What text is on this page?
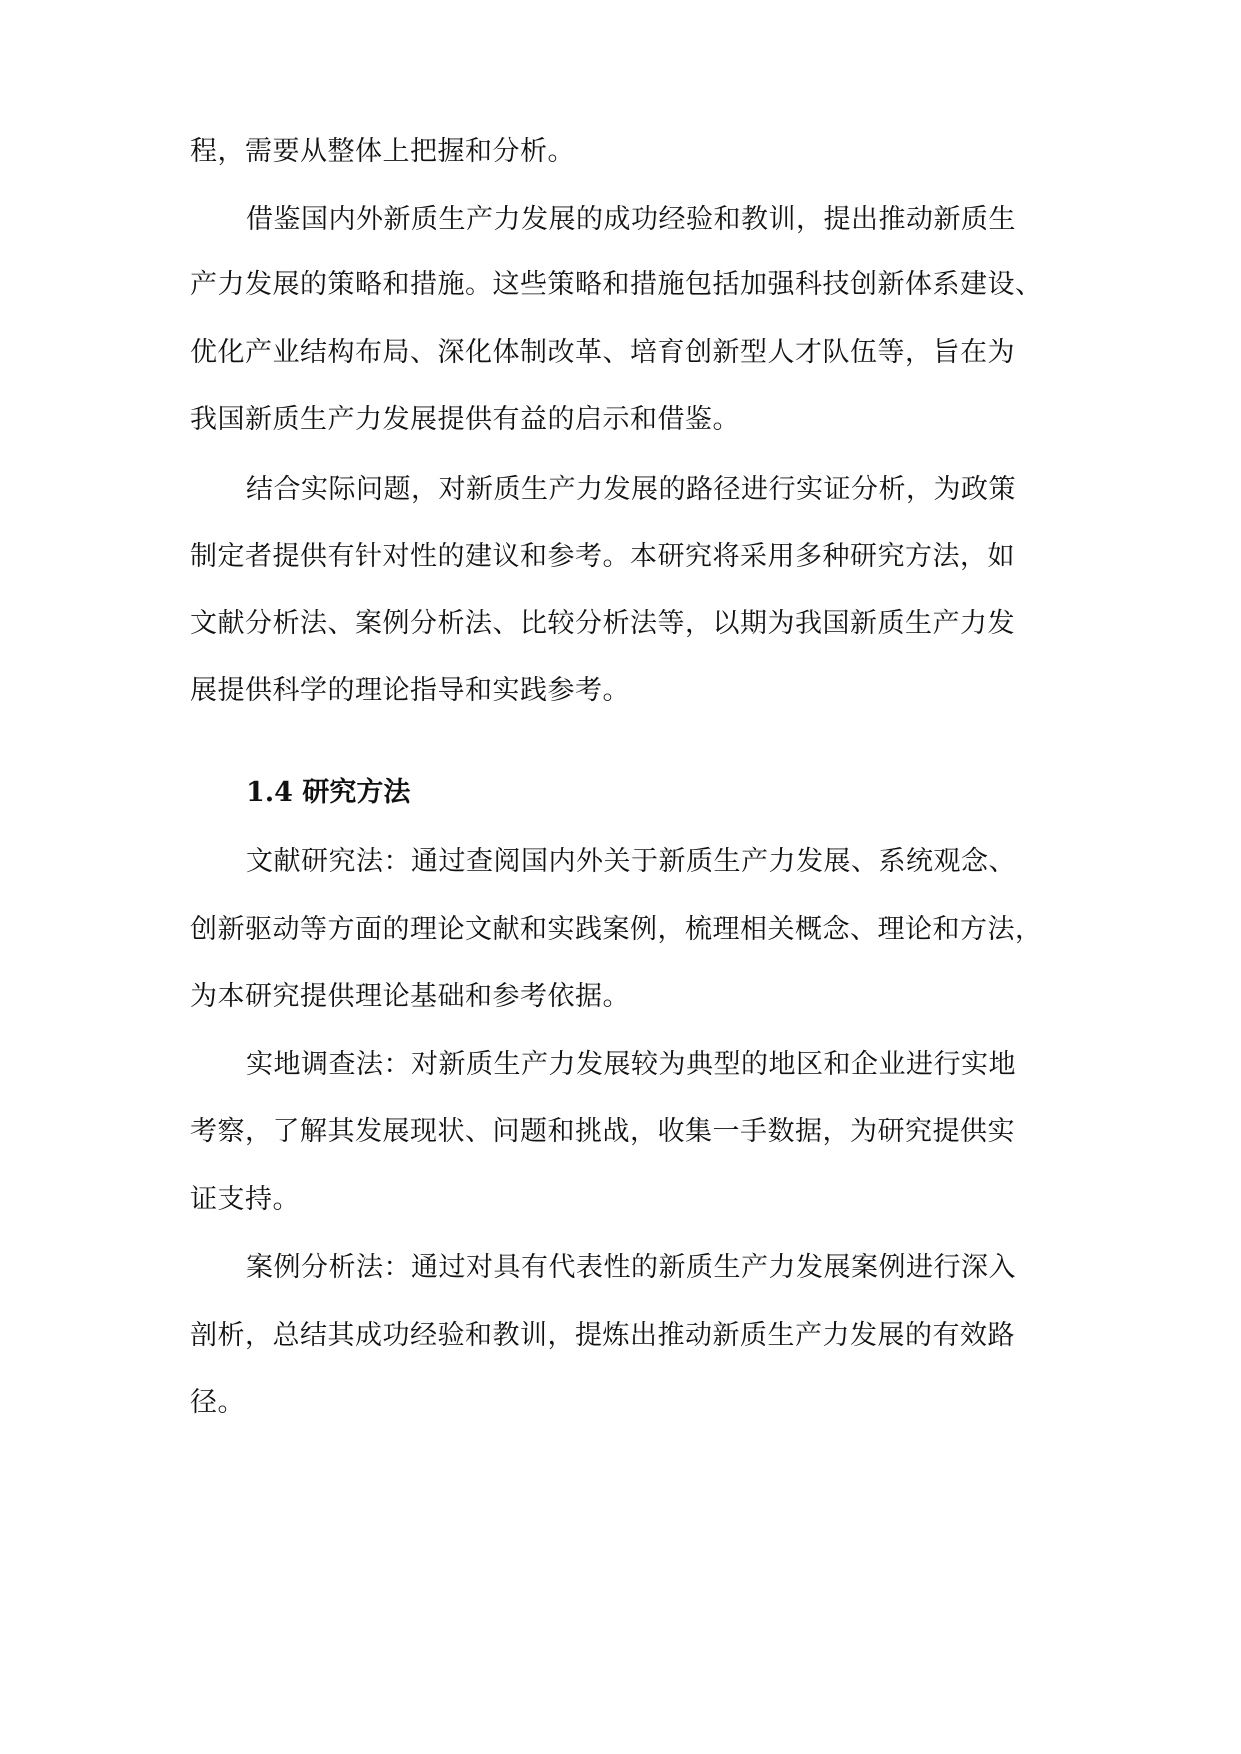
程，需要从整体上把握和分析。
借鉴国内外新质生产力发展的成功经验和教训，提出推动新质生
产力发展的策略和措施。这些策略和措施包括加强科技创新体系建设、
优化产业结构布局、深化体制改革、培育创新型人才队伍等，旨在为
我国新质生产力发展提供有益的启示和借鉴。
结合实际问题，对新质生产力发展的路径进行实证分析，为政策
制定者提供有针对性的建议和参考。本研究将采用多种研究方法，如
文献分析法、案例分析法、比较分析法等，以期为我国新质生产力发
展提供科学的理论指导和实践参考。
1.4 研究方法
文献研究法：通过查阅国内外关于新质生产力发展、系统观念、
创新驱动等方面的理论文献和实践案例，梳理相关概念、理论和方法，
为本研究提供理论基础和参考依据。
实地调查法：对新质生产力发展较为典型的地区和企业进行实地
考察，了解其发展现状、问题和挑战，收集一手数据，为研究提供实
证支持。
案例分析法：通过对具有代表性的新质生产力发展案例进行深入
剖析，总结其成功经验和教训，提炼出推动新质生产力发展的有效路
径。
